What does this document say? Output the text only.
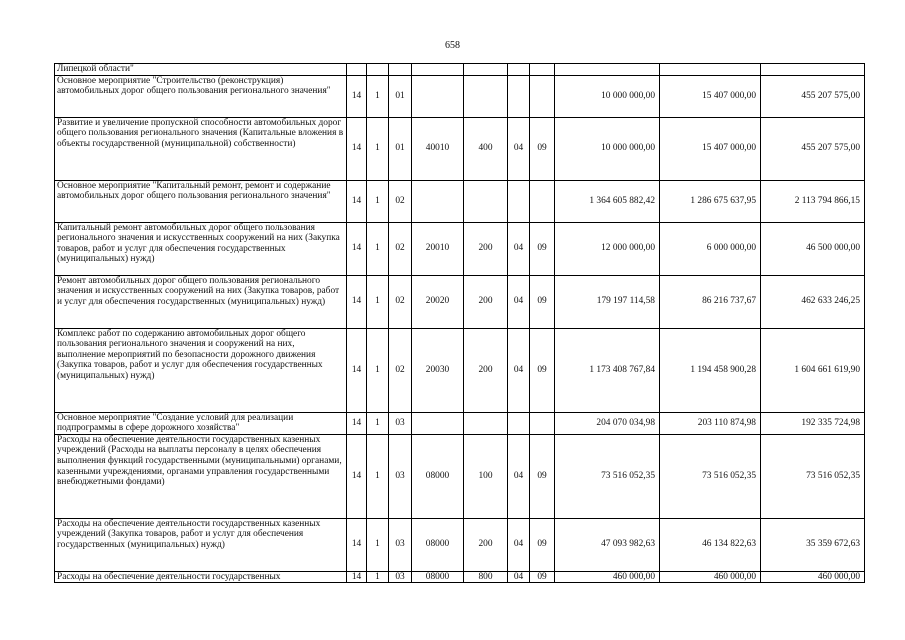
658
Липецкой области"										
Основное мероприятие "Строительство (реконструкция) автомобильных дорог общего пользования регионального значения"	14	1	01					10 000 000,00	15 407 000,00	455 207 575,00
Развитие и увеличение пропускной способности автомобильных дорог общего пользования регионального значения (Капитальные вложения в объекты государственной (муниципальной) собственности)	14	1	01	40010	400	04	09	10 000 000,00	15 407 000,00	455 207 575,00
Основное мероприятие "Капитальный ремонт, ремонт и содержание автомобильных дорог общего пользования регионального значения"	14	1	02					1 364 605 882,42	1 286 675 637,95	2 113 794 866,15
Капитальный ремонт автомобильных дорог общего пользования регионального значения и искусственных сооружений на них (Закупка товаров, работ и услуг для обеспечения государственных (муниципальных) нужд)	14	1	02	20010	200	04	09	12 000 000,00	6 000 000,00	46 500 000,00
Ремонт автомобильных дорог общего пользования регионального значения и искусственных сооружений на них (Закупка товаров, работ и услуг для обеспечения государственных (муниципальных) нужд)	14	1	02	20020	200	04	09	179 197 114,58	86 216 737,67	462 633 246,25
Комплекс работ по содержанию автомобильных дорог общего пользования регионального значения и сооружений на них, выполнение мероприятий по безопасности дорожного движения (Закупка товаров, работ и услуг для обеспечения государственных (муниципальных) нужд)	14	1	02	20030	200	04	09	1 173 408 767,84	1 194 458 900,28	1 604 661 619,90
Основное мероприятие "Создание условий для реализации подпрограммы в сфере дорожного хозяйства"	14	1	03					204 070 034,98	203 110 874,98	192 335 724,98
Расходы на обеспечение деятельности государственных казенных учреждений (Расходы на выплаты персоналу в целях обеспечения выполнения функций государственными (муниципальными) органами, казенными учреждениями, органами управления государственными внебюджетными фондами)	14	1	03	08000	100	04	09	73 516 052,35	73 516 052,35	73 516 052,35
Расходы на обеспечение деятельности государственных казенных учреждений (Закупка товаров, работ и услуг для обеспечения государственных (муниципальных) нужд)	14	1	03	08000	200	04	09	47 093 982,63	46 134 822,63	35 359 672,63
Расходы на обеспечение деятельности государственных	14	1	03	08000	800	04	09	460 000,00	460 000,00	460 000,00
